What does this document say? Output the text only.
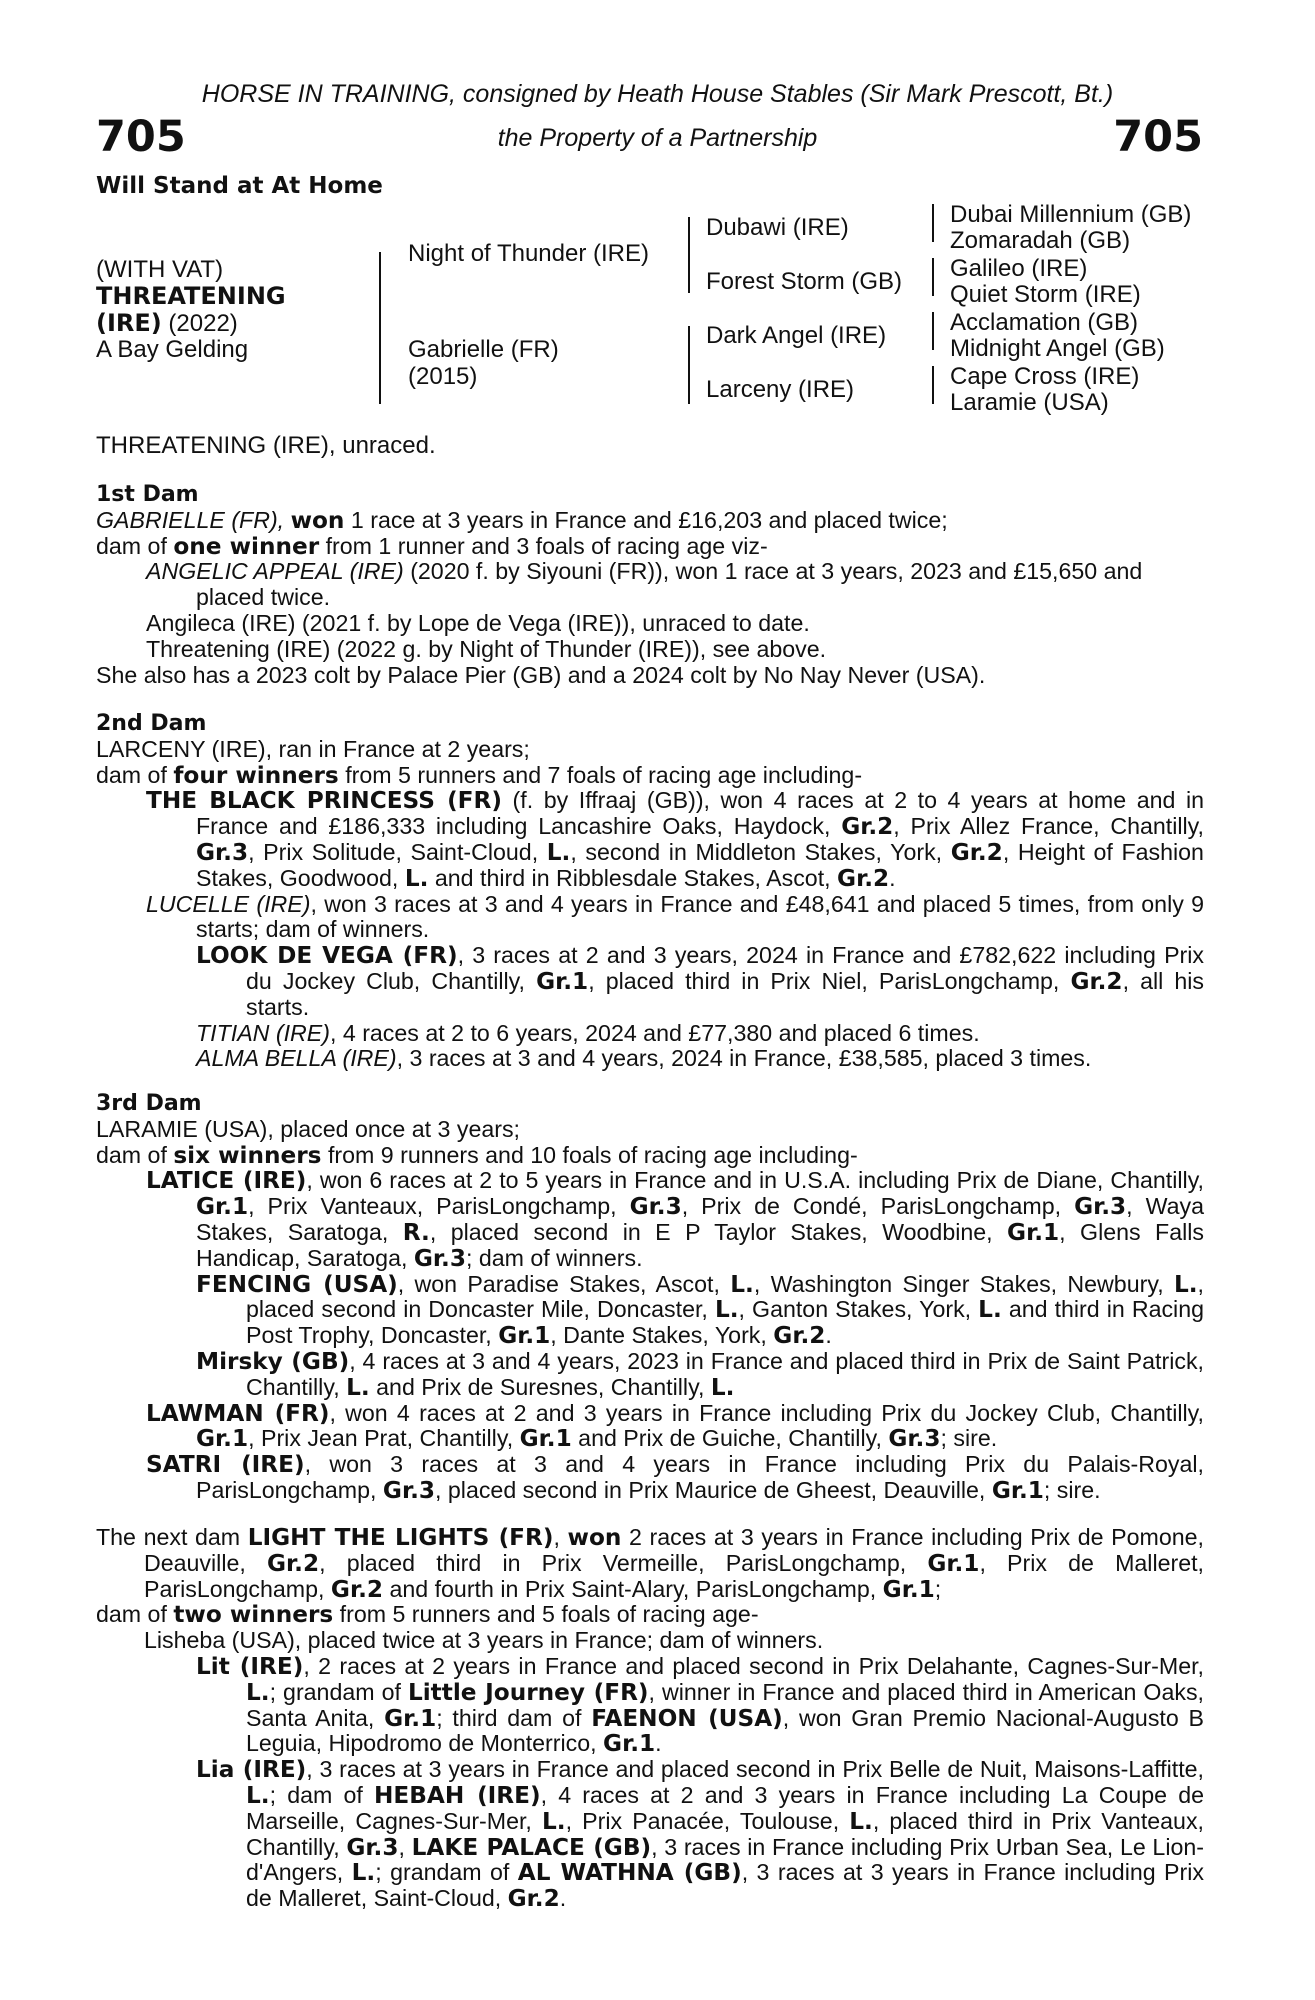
HORSE IN TRAINING, consigned by Heath House Stables (Sir Mark Prescott, Bt.)
705	the Property of a Partnership	705
Will Stand at At Home
(WITH VAT)
THREATENING
(IRE) (2022)
A Bay Gelding
Night of Thunder (IRE)
Gabrielle (FR)
(2015)
Dubawi (IRE)
Forest Storm (GB)
Dark Angel (IRE)
Larceny (IRE)
Dubai Millennium (GB)
Zomaradah (GB)
Galileo (IRE)
Quiet Storm (IRE)
Acclamation (GB)
Midnight Angel (GB)
Cape Cross (IRE)
Laramie (USA)
THREATENING (IRE), unraced.

1st Dam

GABRIELLE (FR), won 1 race at 3 years in France and £16,203 and placed twice;

dam of one winner from 1 runner and 3 foals of racing age viz-

ANGELIC APPEAL (IRE) (2020 f. by Siyouni (FR)), won 1 race at 3 years, 2023 and £15,650 and placed twice.

Angileca (IRE) (2021 f. by Lope de Vega (IRE)), unraced to date.

Threatening (IRE) (2022 g. by Night of Thunder (IRE)), see above.

She also has a 2023 colt by Palace Pier (GB) and a 2024 colt by No Nay Never (USA).

2nd Dam

LARCENY (IRE), ran in France at 2 years;

dam of four winners from 5 runners and 7 foals of racing age including-

THE BLACK PRINCESS (FR) (f. by Iffraaj (GB)), won 4 races at 2 to 4 years at home and in France and £186,333 including Lancashire Oaks, Haydock, Gr.2, Prix Allez France, Chantilly, Gr.3, Prix Solitude, Saint-Cloud, L., second in Middleton Stakes, York, Gr.2, Height of Fashion Stakes, Goodwood, L. and third in Ribblesdale Stakes, Ascot, Gr.2.

LUCELLE (IRE), won 3 races at 3 and 4 years in France and £48,641 and placed 5 times, from only 9 starts; dam of winners.

LOOK DE VEGA (FR), 3 races at 2 and 3 years, 2024 in France and £782,622 including Prix du Jockey Club, Chantilly, Gr.1, placed third in Prix Niel, ParisLongchamp, Gr.2, all his starts.

TITIAN (IRE), 4 races at 2 to 6 years, 2024 and £77,380 and placed 6 times.

ALMA BELLA (IRE), 3 races at 3 and 4 years, 2024 in France, £38,585, placed 3 times.

3rd Dam

LARAMIE (USA), placed once at 3 years;

dam of six winners from 9 runners and 10 foals of racing age including-

LATICE (IRE), won 6 races at 2 to 5 years in France and in U.S.A. including Prix de Diane, Chantilly, Gr.1, Prix Vanteaux, ParisLongchamp, Gr.3, Prix de Condé, ParisLongchamp, Gr.3, Waya Stakes, Saratoga, R., placed second in E P Taylor Stakes, Woodbine, Gr.1, Glens Falls Handicap, Saratoga, Gr.3; dam of winners.

FENCING (USA), won Paradise Stakes, Ascot, L., Washington Singer Stakes, Newbury, L., placed second in Doncaster Mile, Doncaster, L., Ganton Stakes, York, L. and third in Racing Post Trophy, Doncaster, Gr.1, Dante Stakes, York, Gr.2.

Mirsky (GB), 4 races at 3 and 4 years, 2023 in France and placed third in Prix de Saint Patrick, Chantilly, L. and Prix de Suresnes, Chantilly, L.

LAWMAN (FR), won 4 races at 2 and 3 years in France including Prix du Jockey Club, Chantilly, Gr.1, Prix Jean Prat, Chantilly, Gr.1 and Prix de Guiche, Chantilly, Gr.3; sire.

SATRI (IRE), won 3 races at 3 and 4 years in France including Prix du Palais-Royal, ParisLongchamp, Gr.3, placed second in Prix Maurice de Gheest, Deauville, Gr.1; sire.

The next dam LIGHT THE LIGHTS (FR), won 2 races at 3 years in France including Prix de Pomone, Deauville, Gr.2, placed third in Prix Vermeille, ParisLongchamp, Gr.1, Prix de Malleret, ParisLongchamp, Gr.2 and fourth in Prix Saint-Alary, ParisLongchamp, Gr.1;

dam of two winners from 5 runners and 5 foals of racing age-

Lisheba (USA), placed twice at 3 years in France; dam of winners.

Lit (IRE), 2 races at 2 years in France and placed second in Prix Delahante, Cagnes-Sur-Mer, L.; grandam of Little Journey (FR), winner in France and placed third in American Oaks, Santa Anita, Gr.1; third dam of FAENON (USA), won Gran Premio Nacional-Augusto B Leguia, Hipodromo de Monterrico, Gr.1.

Lia (IRE), 3 races at 3 years in France and placed second in Prix Belle de Nuit, Maisons-Laffitte, L.; dam of HEBAH (IRE), 4 races at 2 and 3 years in France including La Coupe de Marseille, Cagnes-Sur-Mer, L., Prix Panacée, Toulouse, L., placed third in Prix Vanteaux, Chantilly, Gr.3, LAKE PALACE (GB), 3 races in France including Prix Urban Sea, Le Lion-d'Angers, L.; grandam of AL WATHNA (GB), 3 races at 3 years in France including Prix de Malleret, Saint-Cloud, Gr.2.
